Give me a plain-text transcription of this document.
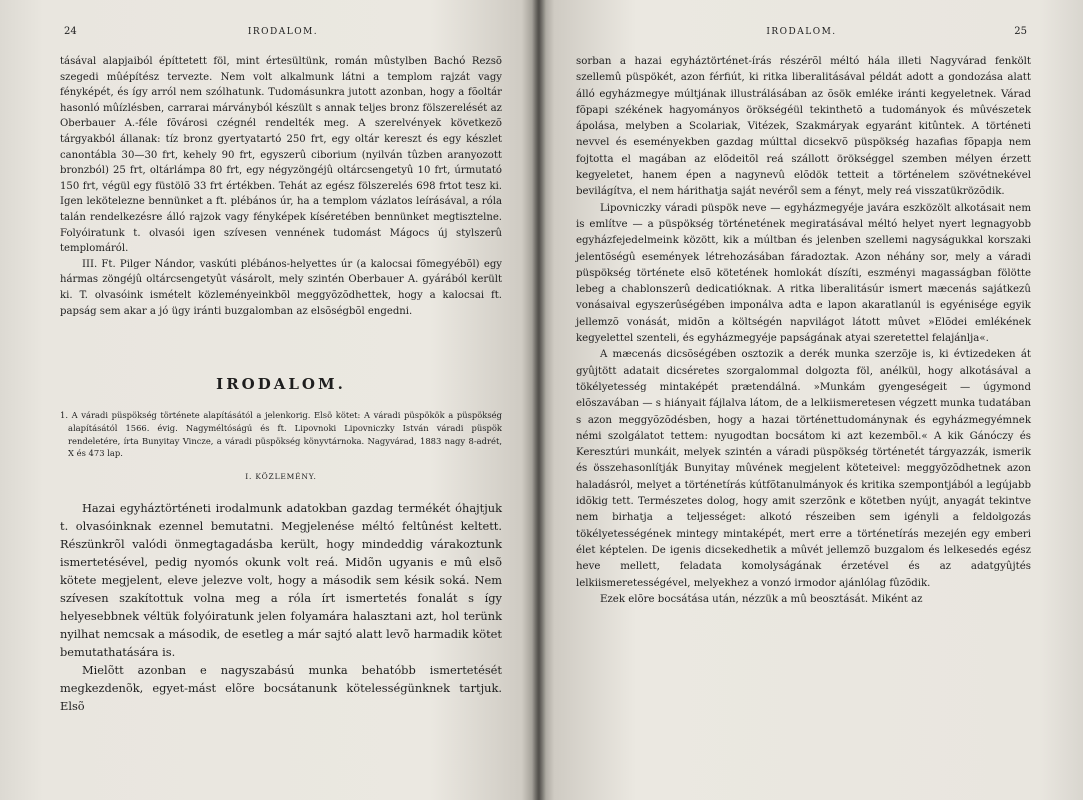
24	IRODALOM.

tásával alapjaiból építtetett föl, mint értesültünk, román mûstylben Bachó Rezsõ szegedi mûépítész tervezte. Nem volt alkalmunk látni a templom rajzát vagy fényképét, és így arról nem szólhatunk. Tudomásunkra jutott azonban, hogy a fõoltár hasonló mûízlésben, carrarai márványból készült s annak teljes bronz fölszerelését az Oberbauer A.-féle fõvárosi czégnél rendelték meg. A szerelvények következõ tárgyakból állanak: tíz bronz gyertyatartó 250 frt, egy oltár kereszt és egy készlet canontábla 30—30 frt, kehely 90 frt, egyszerû ciborium (nyilván tûzben aranyozott bronzból) 25 frt, oltárlámpa 80 frt, egy négyzöngéjû oltárcsengetyû 10 frt, úrmutató 150 frt, végül egy füstölõ 33 frt értékben. Tehát az egész fölszerelés 698 frtot tesz ki. Igen lekötelezne bennünket a ft. plébános úr, ha a templom vázlatos leírásával, a róla talán rendelkezésre álló rajzok vagy fényképek kíséretében bennünket megtisztelne. Folyóiratunk t. olvasói igen szívesen vennének tudomást Mágocs új stylszerû templomáról.

III. Ft. Pilger Nándor, vaskúti plébános-helyettes úr (a kalocsai fõmegyébõl) egy hármas zöngéjû oltárcsengetyût vásárolt, mely szintén Oberbauer A. gyárából került ki. T. olvasóink ismételt közleményeinkbõl meggyõzõdhettek, hogy a kalocsai ft. papság sem akar a jó ügy iránti buzgalomban az elsõségbõl engedni.

IRODALOM.

1. A váradi püspökség története alapításától a jelenkorig. Elsõ kötet: A váradi püspökök a püspökség alapításától 1566. évig. Nagyméltóságú és ft. Lipovnoki Lipovniczky István váradi püspök rendeletére, írta Bunyitay Vincze, a váradi püspökség könyvtárnoka. Nagyvárad, 1883 nagy 8-adrét, X és 473 lap.

I. KÖZLEMÉNY.

Hazai egyháztörténeti irodalmunk adatokban gazdag termékét óhajtjuk t. olvasóinknak ezennel bemutatni. Megjelenése méltó feltûnést keltett. Részünkrõl valódi önmegtagadásba került, hogy mindeddig várakoztunk ismertetésével, pedig nyomós okunk volt reá. Midõn ugyanis e mû elsõ kötete megjelent, eleve jelezve volt, hogy a második sem késik soká. Nem szívesen szakítottuk volna meg a róla írt ismertetés fonalát s így helyesebbnek véltük folyóiratunk jelen folyamára halasztani azt, hol terünk nyilhat nemcsak a második, de esetleg a már sajtó alatt levõ harmadik kötet bemutathatására is.

Mielõtt azonban e nagyszabású munka behatóbb ismertetését megkezdenõk, egyet-mást elõre bocsátanunk kötelességünknek tartjuk. Elsõ

IRODALOM.	25

sorban a hazai egyháztörténet-írás részérõl méltó hála illeti Nagyvárad fenkölt szellemû püspökét, azon férfiút, ki ritka liberalitásával példát adott a gondozása alatt álló egyházmegye múltjának illustrálásában az õsök emléke iránti kegyeletnek. Várad fõpapi székének hagyományos örökségéül tekinthetõ a tudományok és mûvészetek ápolása, melyben a Scolariak, Vitézek, Szakmáryak egyaránt kitûntek. A történeti nevvel és eseményekben gazdag múlttal dicsekvõ püspökség hazafias fõpapja nem fojtotta el magában az elõdeitõl reá szállott örökséggel szemben mélyen érzett kegyeletet, hanem épen a nagynevû elõdök tetteit a történelem szövétnekével bevilágítva, el nem hárithatja saját nevéről sem a fényt, mely reá visszatükrözõdik.

Lipovniczky váradi püspök neve — egyházmegyéje javára eszközölt alkotásait nem is említve — a püspökség történetének megiratásával méltó helyet nyert legnagyobb egyházfejedelmeink között, kik a múltban és jelenben szellemi nagyságukkal korszaki jelentõségû események létrehozásában fáradoztak. Azon néhány sor, mely a váradi püspökség története elsõ kötetének homlokát díszíti, eszményi magasságban fölötte lebeg a chablonszerû dedicatióknak. A ritka liberalitásúr ismert mæcenás sajátkezû vonásaival egyszerûségében imponálva adta e lapon akaratlanúl is egyénisége egyik jellemzõ vonását, midõn a költségén napvilágot látott mûvet »Elõdei emlékének kegyelettel szenteli, és egyházmegyéje papságának atyai szeretettel felajánlja«.

A mæcenás dicsõségében osztozik a derék munka szerzõje is, ki évtizedeken át gyûjtött adatait dicséretes szorgalommal dolgozta föl, anélkül, hogy alkotásával a tökélyetesség mintaképét prætendálná. »Munkám gyengeségeit — úgymond elõszavában — s hiányait fájlalva látom, de a lelkiismeretesen végzett munka tudatában s azon meggyõzõdésben, hogy a hazai történettudománynak és egyházmegyémnek némi szolgálatot tettem: nyugodtan bocsátom ki azt kezembõl.« A kik Gánóczy és Keresztúri munkáit, melyek szintén a váradi püspökség történetét tárgyazzák, ismerik és összehasonlítják Bunyitay mûvének megjelent köteteivel: meggyõzõdhetnek azon haladásról, melyet a történetírás kútfõtanulmányok és kritika szempontjából a legújabb idõkig tett. Természetes dolog, hogy amit szerzõnk e kötetben nyújt, anyagát tekintve nem birhatja a teljességet: alkotó részeiben sem igényli a feldolgozás tökélyetességének mintegy mintaképét, mert erre a történetírás mezején egy emberi élet képtelen. De igenis dicsekedhetik a mûvét jellemzõ buzgalom és lelkesedés egész heve mellett, feladata komolyságának érzetével és az adatgyûjtés lelkiismeretességével, melyekhez a vonzó irmodor ajánlólag fûzõdik.

Ezek elõre bocsátása után, nézzük a mû beosztását. Miként az
